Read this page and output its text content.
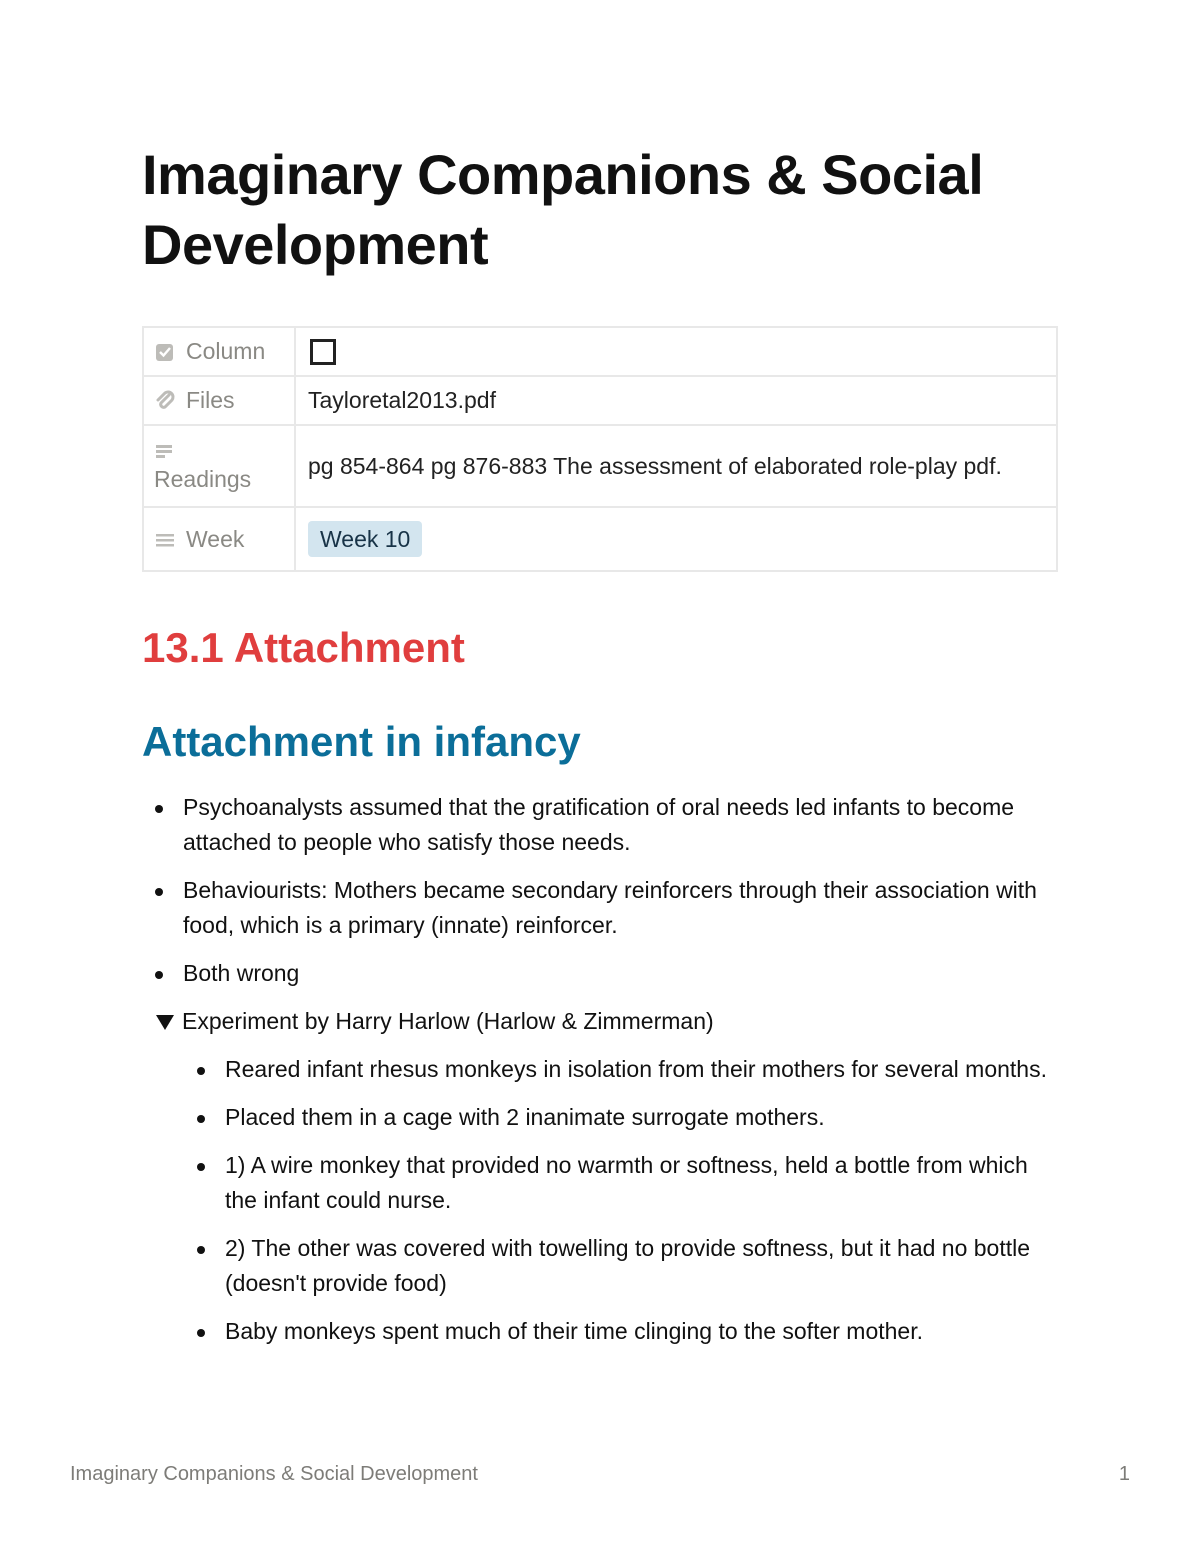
Imaginary Companions & Social Development
Column	

Files	Tayloretal2013.pdf

Readings	pg 854-864 pg 876-883 The assessment of elaborated role-play pdf.

Week	Week 10
13.1 Attachment
Attachment in infancy
Psychoanalysts assumed that the gratification of oral needs led infants to become attached to people who satisfy those needs.
Behaviourists: Mothers became secondary reinforcers through their association with food, which is a primary (innate) reinforcer.
Both wrong
Experiment by Harry Harlow (Harlow & Zimmerman)
Reared infant rhesus monkeys in isolation from their mothers for several months.
Placed them in a cage with 2 inanimate surrogate mothers.
1) A wire monkey that provided no warmth or softness, held a bottle from which the infant could nurse.
2) The other was covered with towelling to provide softness, but it had no bottle (doesn't provide food)
Baby monkeys spent much of their time clinging to the softer mother.
Imaginary Companions & Social Development	1
